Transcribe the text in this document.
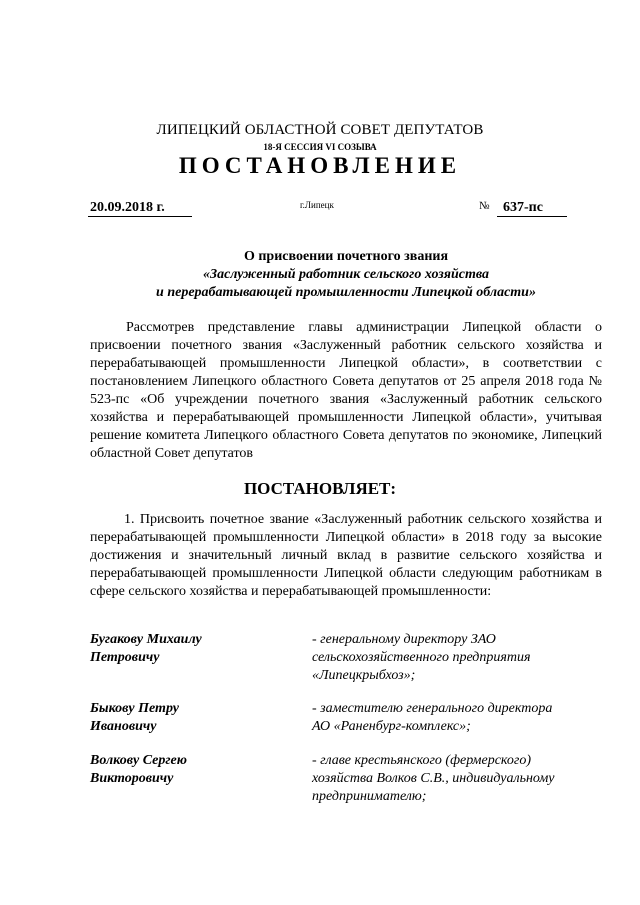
ЛИПЕЦКИЙ ОБЛАСТНОЙ СОВЕТ ДЕПУТАТОВ
18-Я СЕССИЯ VI СОЗЫВА
ПОСТАНОВЛЕНИЕ
20.09.2018 г.	г.Липецк	№ 637-пс
О присвоении почетного звания
«Заслуженный работник сельского хозяйства
и перерабатывающей промышленности Липецкой области»
Рассмотрев представление главы администрации Липецкой области о присвоении почетного звания «Заслуженный работник сельского хозяйства и перерабатывающей промышленности Липецкой области», в соответствии с постановлением Липецкого областного Совета депутатов от 25 апреля 2018 года № 523-пс «Об учреждении почетного звания «Заслуженный работник сельского хозяйства и перерабатывающей промышленности Липецкой области», учитывая решение комитета Липецкого областного Совета депутатов по экономике, Липецкий областной Совет депутатов
ПОСТАНОВЛЯЕТ:
1. Присвоить почетное звание «Заслуженный работник сельского хозяйства и перерабатывающей промышленности Липецкой области» в 2018 году за высокие достижения и значительный личный вклад в развитие сельского хозяйства и перерабатывающей промышленности Липецкой области следующим работникам в сфере сельского хозяйства и перерабатывающей промышленности:
Бугакову Михаилу
Петровичу
- генеральному директору ЗАО
сельскохозяйственного предприятия
«Липецкрыбхоз»;
Быкову Петру
Ивановичу
- заместителю генерального директора
АО «Раненбург-комплекс»;
Волкову Сергею
Викторовичу
- главе крестьянского (фермерского)
хозяйства Волков С.В., индивидуальному
предпринимателю;
